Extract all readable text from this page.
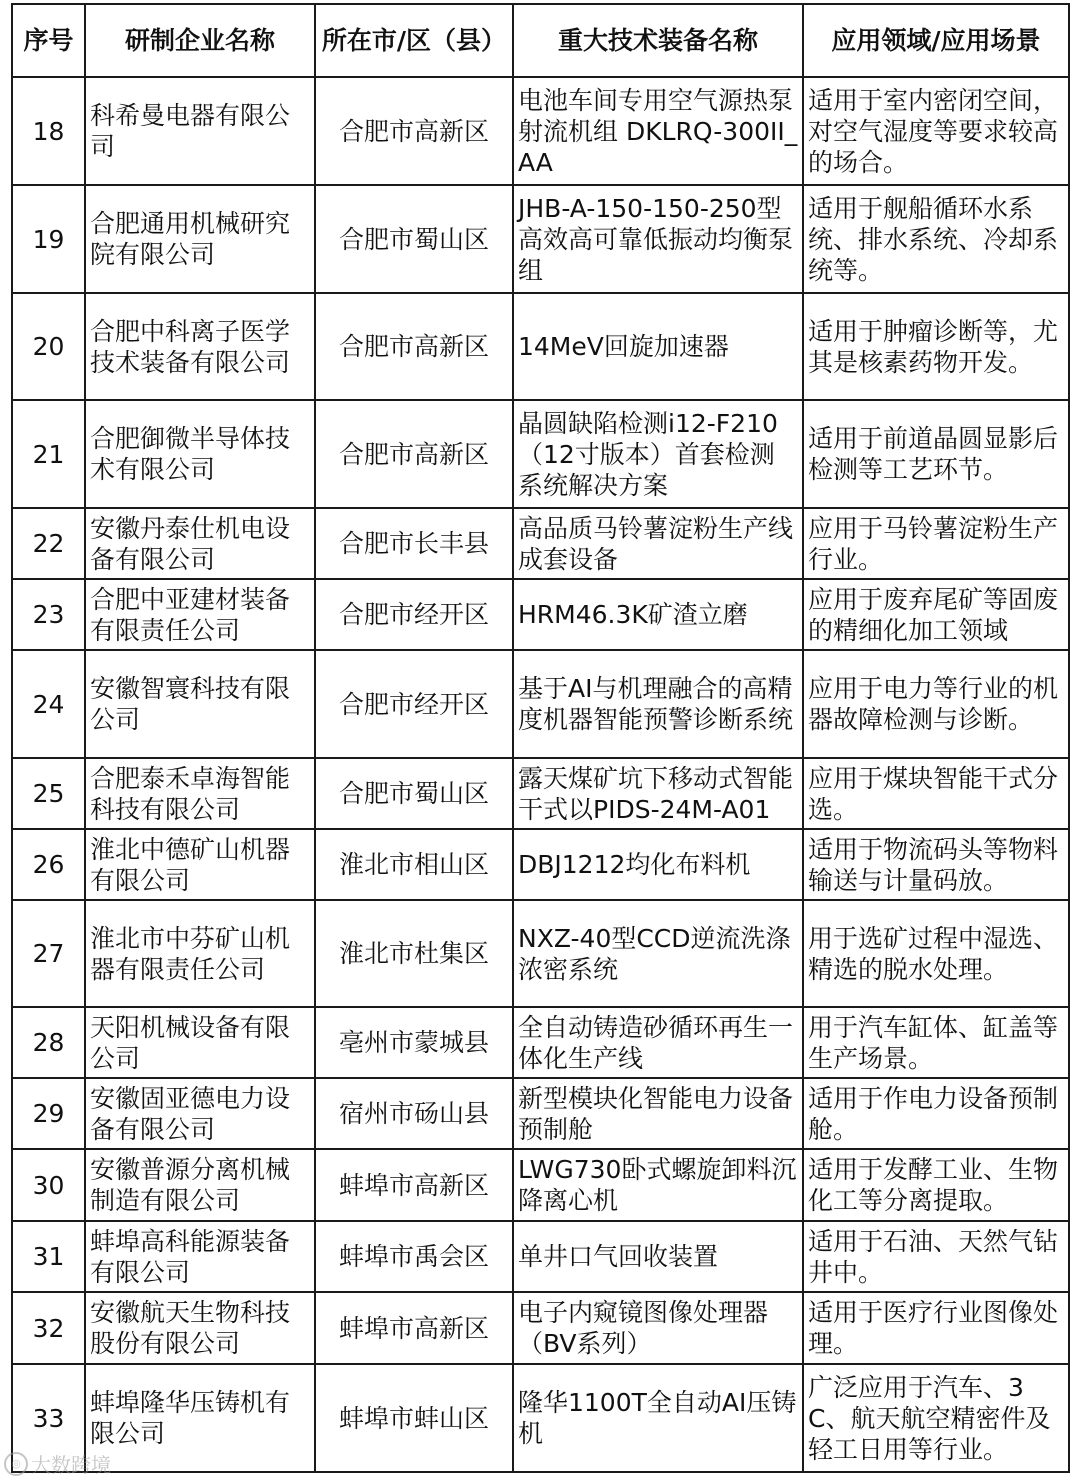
序号	研制企业名称	所在市/区（县）	重大技术装备名称	应用领域/应用场景
18	科希曼电器有限公司	合肥市高新区	电池车间专用空气源热泵射流机组 DKLRQ-300II_AA	适用于室内密闭空间，对空气湿度等要求较高的场合。
19	合肥通用机械研究院有限公司	合肥市蜀山区	JHB-A-150-150-250型高效高可靠低振动均衡泵组	适用于舰船循环水系统、排水系统、冷却系统等。
20	合肥中科离子医学技术装备有限公司	合肥市高新区	14MeV回旋加速器	适用于肿瘤诊断等，尤其是核素药物开发。
21	合肥御微半导体技术有限公司	合肥市高新区	晶圆缺陷检测i12-F210（12寸版本）首套检测系统解决方案	适用于前道晶圆显影后检测等工艺环节。
22	安徽丹泰仕机电设备有限公司	合肥市长丰县	高品质马铃薯淀粉生产线成套设备	应用于马铃薯淀粉生产行业。
23	合肥中亚建材装备有限责任公司	合肥市经开区	HRM46.3K矿渣立磨	应用于废弃尾矿等固废的精细化加工领域
24	安徽智寰科技有限公司	合肥市经开区	基于AI与机理融合的高精度机器智能预警诊断系统	应用于电力等行业的机器故障检测与诊断。
25	合肥泰禾卓海智能科技有限公司	合肥市蜀山区	露天煤矿坑下移动式智能干式以PIDS-24M-A01	应用于煤块智能干式分选。
26	淮北中德矿山机器有限公司	淮北市相山区	DBJ1212均化布料机	适用于物流码头等物料输送与计量码放。
27	淮北市中芬矿山机器有限责任公司	淮北市杜集区	NXZ-40型CCD逆流洗涤浓密系统	用于选矿过程中湿选、精选的脱水处理。
28	天阳机械设备有限公司	亳州市蒙城县	全自动铸造砂循环再生一体化生产线	用于汽车缸体、缸盖等生产场景。
29	安徽固亚德电力设备有限公司	宿州市砀山县	新型模块化智能电力设备预制舱	适用于作电力设备预制舱。
30	安徽普源分离机械制造有限公司	蚌埠市高新区	LWG730卧式螺旋卸料沉降离心机	适用于发酵工业、生物化工等分离提取。
31	蚌埠高科能源装备有限公司	蚌埠市禹会区	单井口气回收装置	适用于石油、天然气钻井中。
32	安徽航天生物科技股份有限公司	蚌埠市高新区	电子内窥镜图像处理器（BV系列）	适用于医疗行业图像处理。
33	蚌埠隆华压铸机有限公司	蚌埠市蚌山区	隆华1100T全自动AI压铸机	广泛应用于汽车、3C、航天航空精密件及轻工日用等行业。
◎ 大数跨境
